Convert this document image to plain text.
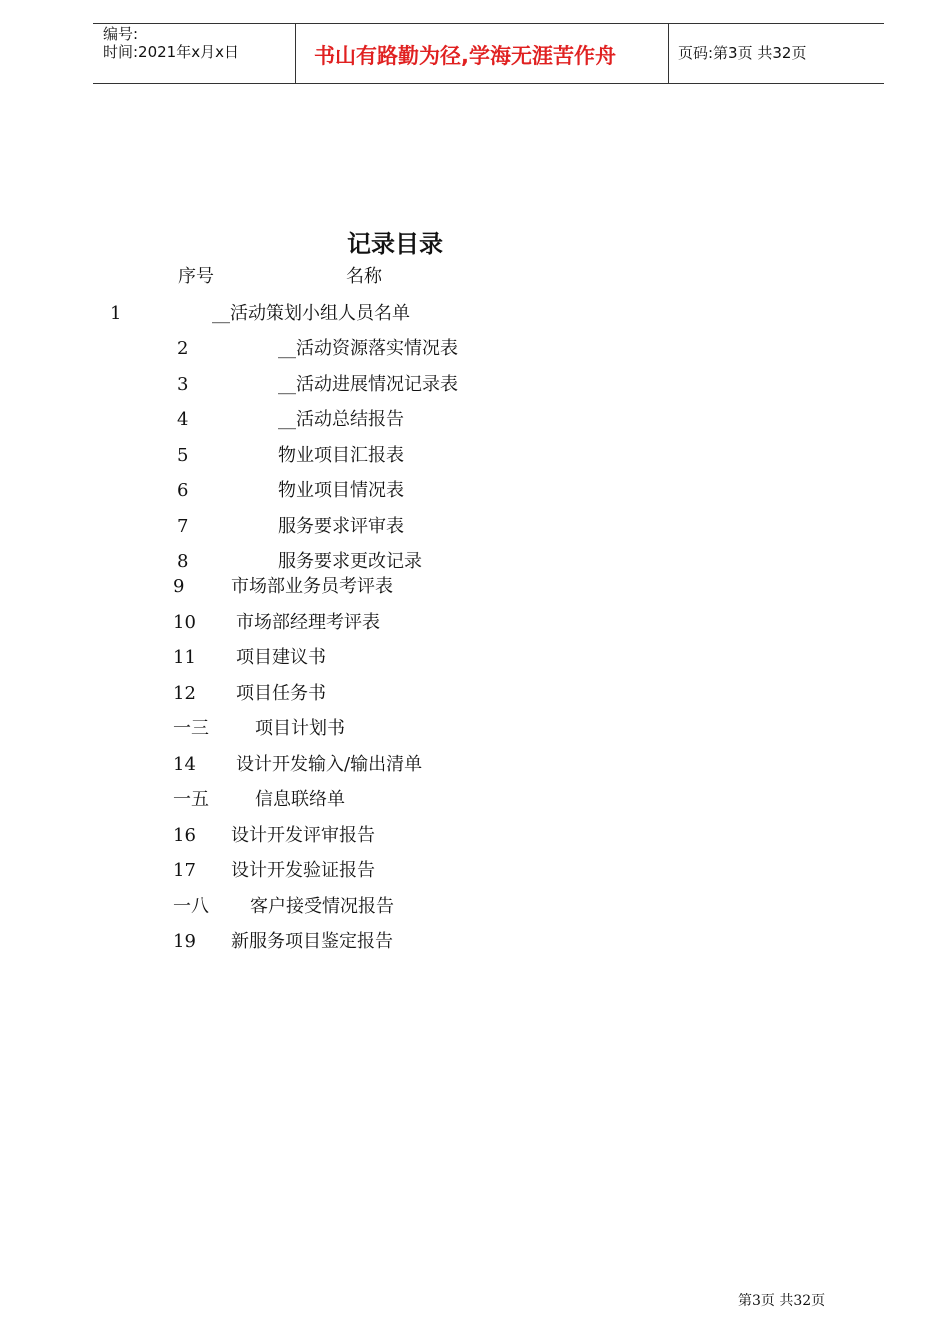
编号:
时间:2021年x月x日	书山有路勤为径,学海无涯苦作舟	页码:第3页 共32页
记录目录
序号	名称
1	__活动策划小组人员名单
2	__活动资源落实情况表
3	__活动进展情况记录表
4	__活动总结报告
5	物业项目汇报表
6	物业项目情况表
7	服务要求评审表
8	服务要求更改记录
9	市场部业务员考评表
10 市场部经理考评表
11 项目建议书
12 项目任务书
一三	项目计划书
14 设计开发输入/输出清单
一五	信息联络单
16 设计开发评审报告
17 设计开发验证报告
一八 客户接受情况报告
19 新服务项目鉴定报告
第3页 共32页
